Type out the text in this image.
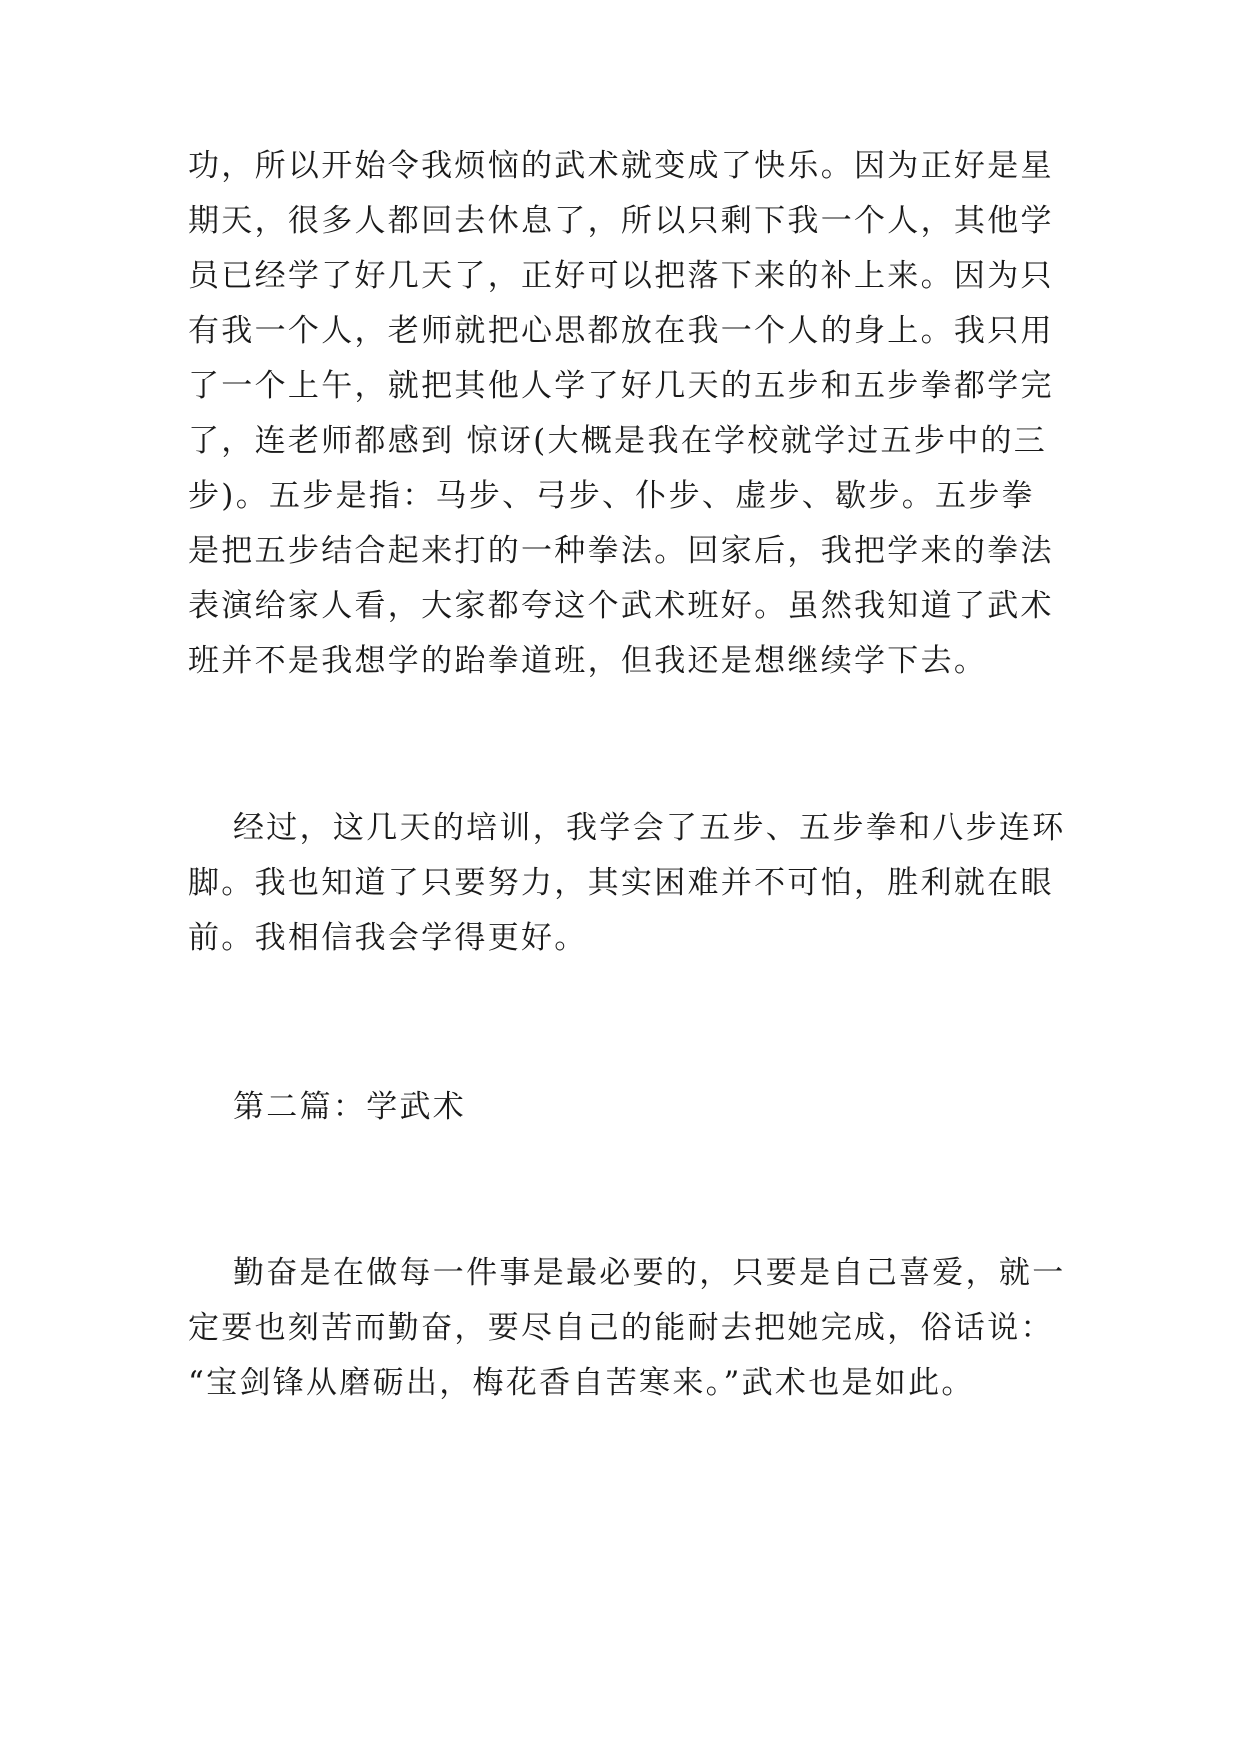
功，所以开始令我烦恼的武术就变成了快乐。因为正好是星
期天，很多人都回去休息了，所以只剩下我一个人，其他学
员已经学了好几天了，正好可以把落下来的补上来。因为只
有我一个人，老师就把心思都放在我一个人的身上。我只用
了一个上午，就把其他人学了好几天的五步和五步拳都学完
了，连老师都感到 惊讶(大概是我在学校就学过五步中的三
步)。五步是指：马步、弓步、仆步、虚步、歇步。五步拳
是把五步结合起来打的一种拳法。回家后，我把学来的拳法
表演给家人看，大家都夸这个武术班好。虽然我知道了武术
班并不是我想学的跆拳道班，但我还是想继续学下去。
经过，这几天的培训，我学会了五步、五步拳和八步连环
脚。我也知道了只要努力，其实困难并不可怕，胜利就在眼
前。我相信我会学得更好。
第二篇：学武术
勤奋是在做每一件事是最必要的，只要是自己喜爱，就一
定要也刻苦而勤奋，要尽自己的能耐去把她完成，俗话说：
“宝剑锋从磨砺出，梅花香自苦寒来。”武术也是如此。
